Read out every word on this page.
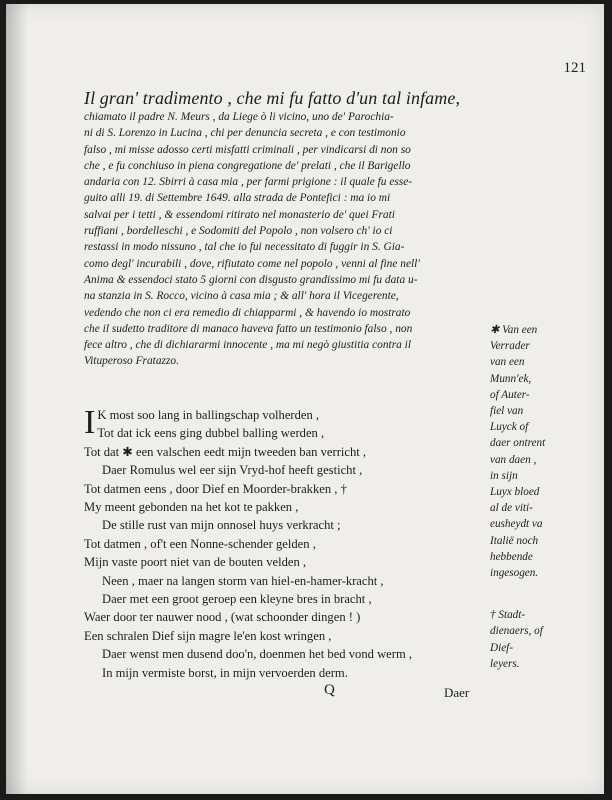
121
Il gran' tradimento , che mi fu fatto d'un tal infame,
chiamato il padre N. Meurs , da Liege ò li vicino, uno de' Parochia-
ni di S. Lorenzo in Lucina , chi per denuncia secreta , e con testimonio
falso , mi misse adosso certi misfatti criminali , per vindicarsi di non so
che , e fu conchiuso in piena congregatione de' prelati , che il Barigello
andaria con 12. Sbirri à casa mia , per farmi prigione : il quale fu esse-
guito alli 19. di Settembre 1649. alla strada de Pontefici : ma io mi
salvai per i tetti , & essendomi ritirato nel monasterio de' quei Frati
ruffiani , bordelleschi , e Sodomiti del Popolo , non volsero ch' io ci
restassi in modo nissuno , tal che io fui necessitato di fuggir in S. Gia-
como degl' incurabili , dove, rifiutato come nel popolo , venni al fine nell'
Anima & essendoci stato 5 giorni con disgusto grandissimo mi fu data u-
na stanzia in S. Rocco, vicino à casa mia ; & all' hora il Vicegerente,
vedendo che non ci era remedio di chiapparmi , & havendo io mostrato
che il sudetto traditore di manaco haveva fatto un testimonio falso , non
fece altro , che di dichiararmi innocente , ma mi negò giustitia contra il
Vituperoso Fratazzo.
I K most soo lang in ballingschap volherden ,
Tot dat ick eens ging dubbel balling werden ,
Tot dat ✱ een valschen eedt mijn tweeden ban verricht ,
Daer Romulus wel eer sijn Vryd-hof heeft gesticht ,
Tot datmen eens , door Dief en Moorder-brakken , †
My meent gebonden na het kot te pakken ,
De stille rust van mijn onnosel huys verkracht ;
Tot datmen , of't een Nonne-schender gelden ,
Mijn vaste poort niet van de bouten velden ,
Neen , maer na langen storm van hiel-en-hamer-kracht ,
Daer met een groot geroep een kleyne bres in bracht ,
Waer door ter nauwer nood , (wat schoonder dingen ! )
Een schralen Dief sijn magre le'en kost wringen ,
Daer wenst men dusend doo'n, doenmen het bed vond werm ,
In mijn vermiste borst, in mijn vervoerden derm.
✱ Van een
Verrader
van een
Munn'ek,
of Auter-
fiel van
Luyck of
daer ontrent
van daen ,
in sijn
Luyx bloed
al de viti-
eusheydt va
Italië noch
hebbende
ingesogen.
† Stadt-
dienaers, of
Dief-
leyers.
Q	Daer
